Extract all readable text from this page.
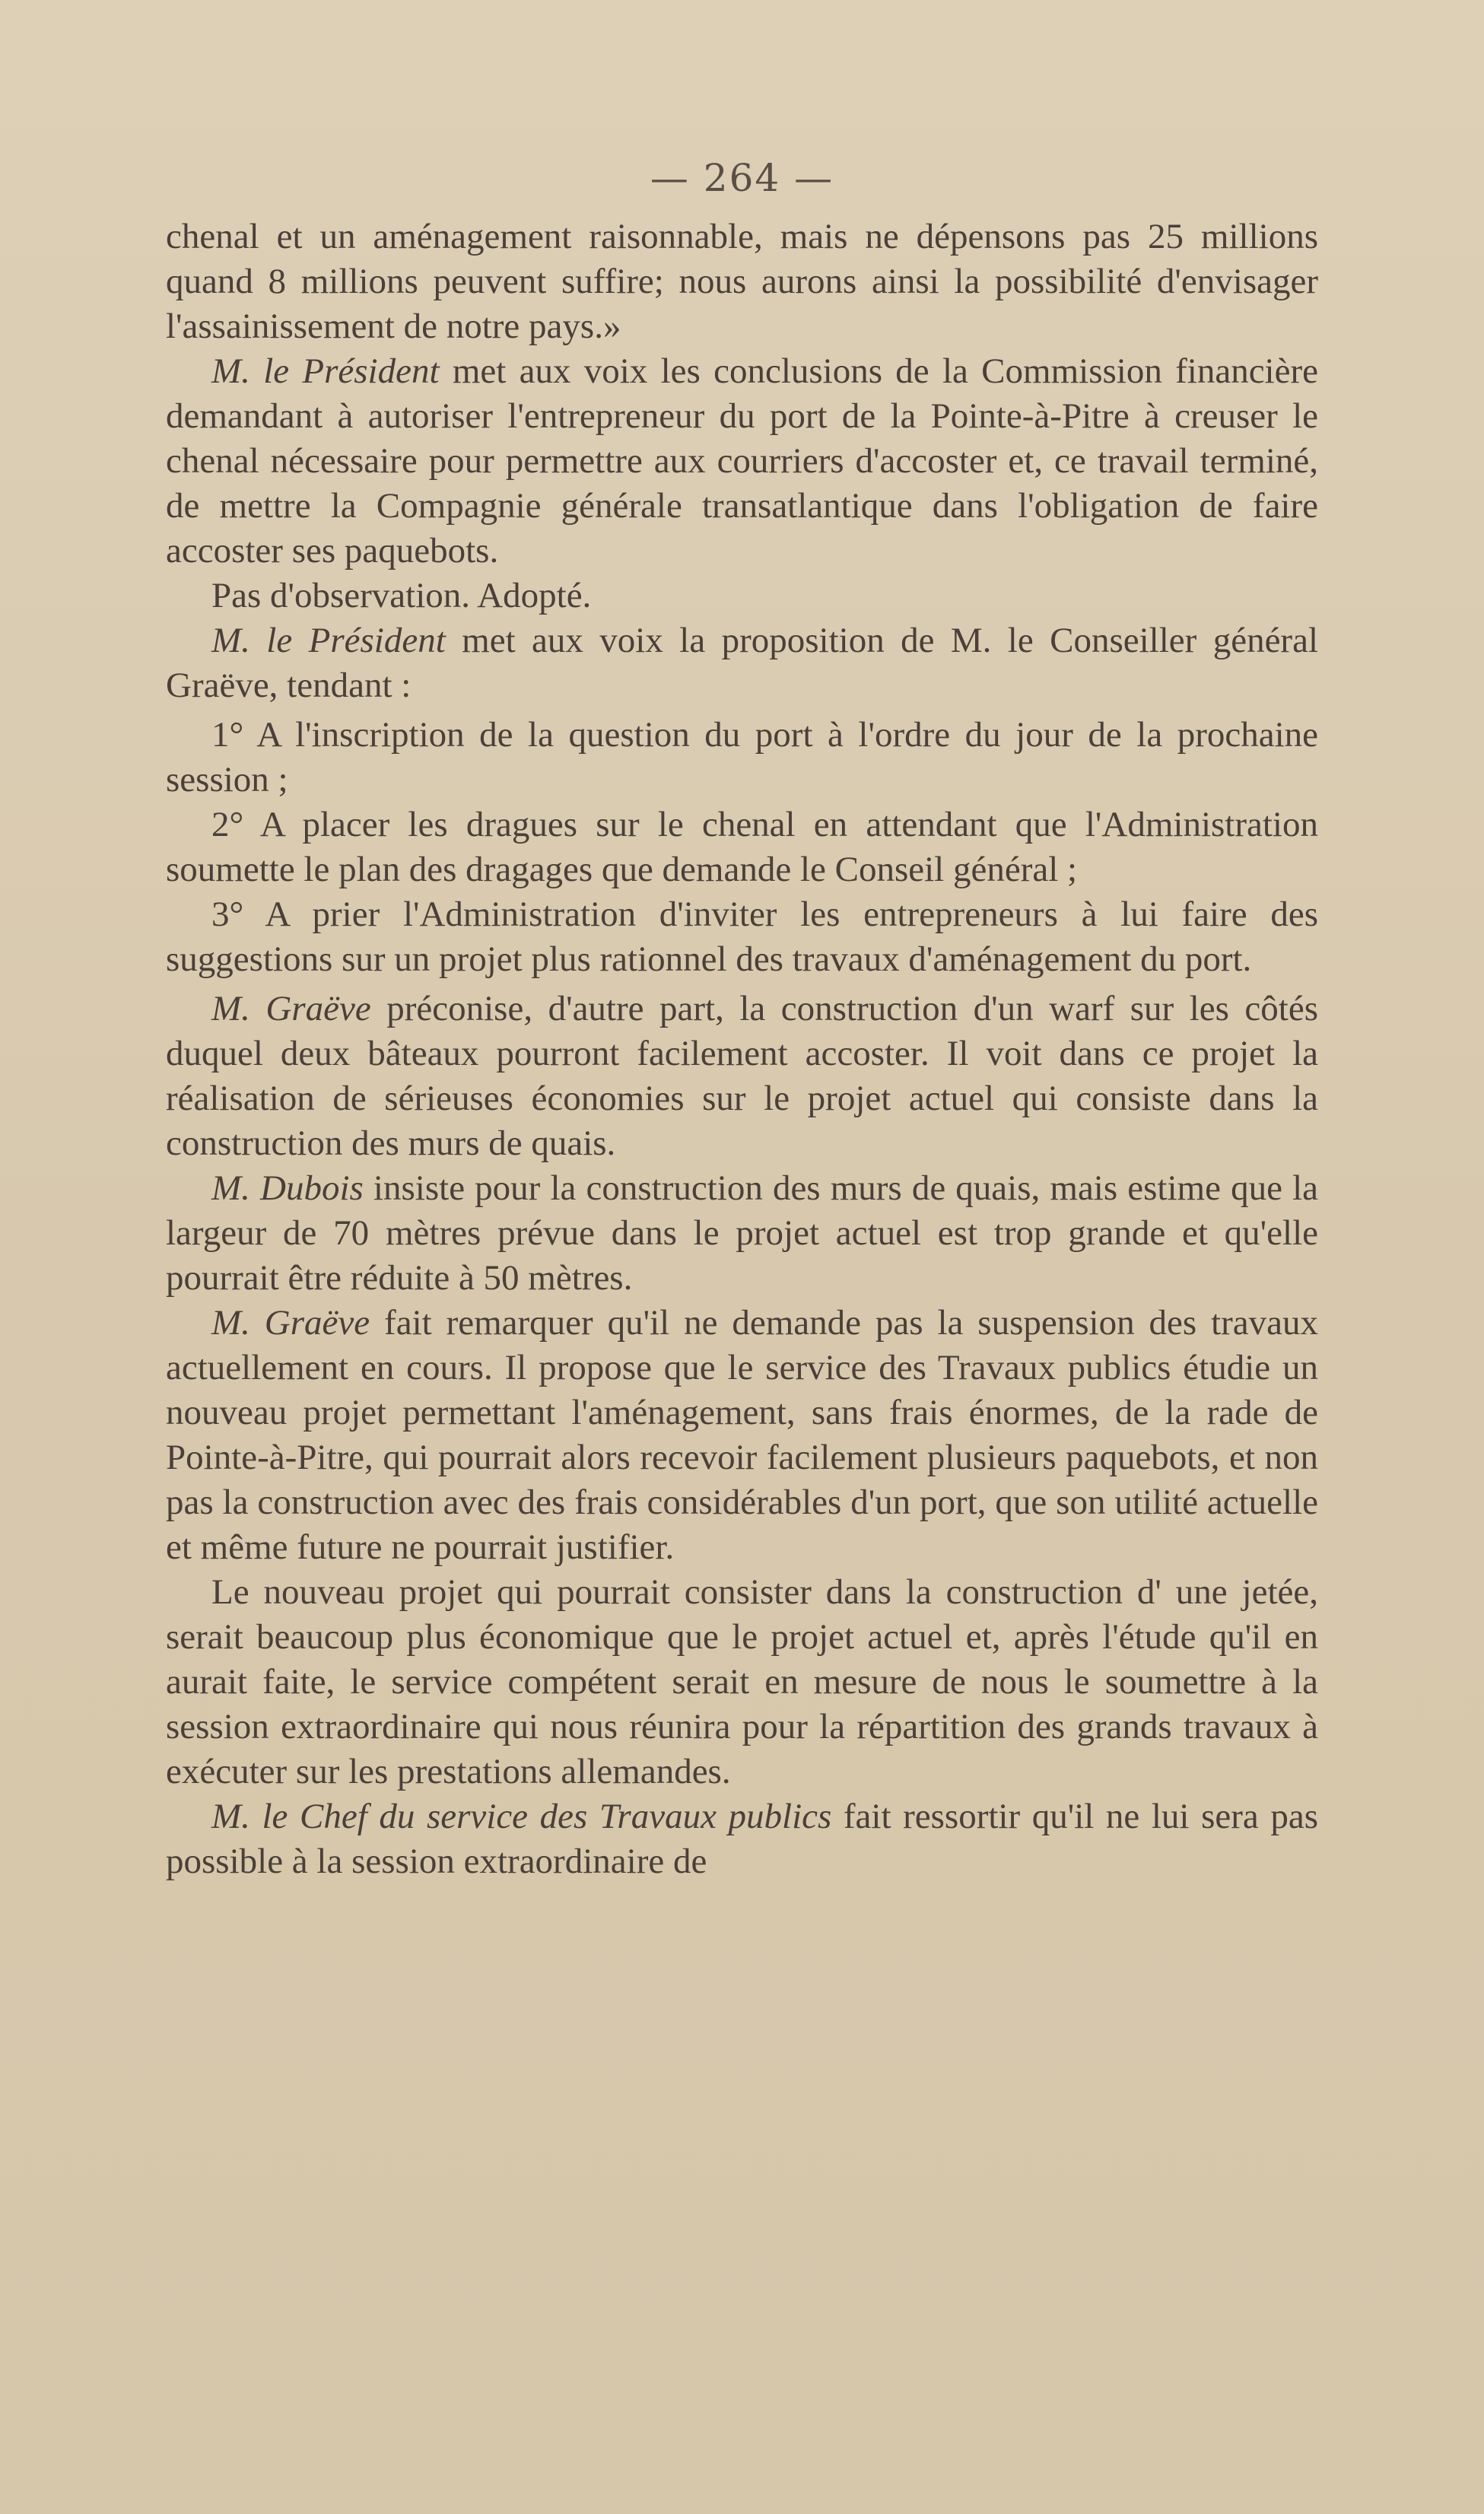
— 264 —

chenal et un aménagement raisonnable, mais ne dépensons pas 25 millions quand 8 millions peuvent suffire; nous aurons ainsi la possibilité d'envisager l'assainissement de notre pays.»

M. le Président met aux voix les conclusions de la Commission financière demandant à autoriser l'entrepreneur du port de la Pointe-à-Pitre à creuser le chenal nécessaire pour permettre aux courriers d'accoster et, ce travail terminé, de mettre la Compagnie générale transatlantique dans l'obligation de faire accoster ses paquebots.

Pas d'observation. Adopté.

M. le Président met aux voix la proposition de M. le Conseiller général Graëve, tendant :

1° A l'inscription de la question du port à l'ordre du jour de la prochaine session ;

2° A placer les dragues sur le chenal en attendant que l'Administration soumette le plan des dragages que demande le Conseil général ;

3° A prier l'Administration d'inviter les entrepreneurs à lui faire des suggestions sur un projet plus rationnel des travaux d'aménagement du port.

M. Graëve préconise, d'autre part, la construction d'un warf sur les côtés duquel deux bâteaux pourront facilement accoster. Il voit dans ce projet la réalisation de sérieuses économies sur le projet actuel qui consiste dans la construction des murs de quais.

M. Dubois insiste pour la construction des murs de quais, mais estime que la largeur de 70 mètres prévue dans le projet actuel est trop grande et qu'elle pourrait être réduite à 50 mètres.

M. Graëve fait remarquer qu'il ne demande pas la suspension des travaux actuellement en cours. Il propose que le service des Travaux publics étudie un nouveau projet permettant l'aménagement, sans frais énormes, de la rade de Pointe-à-Pitre, qui pourrait alors recevoir facilement plusieurs paquebots, et non pas la construction avec des frais considérables d'un port, que son utilité actuelle et même future ne pourrait justifier.

Le nouveau projet qui pourrait consister dans la construction d' une jetée, serait beaucoup plus économique que le projet actuel et, après l'étude qu'il en aurait faite, le service compétent serait en mesure de nous le soumettre à la session extraordinaire qui nous réunira pour la répartition des grands travaux à exécuter sur les prestations allemandes.

M. le Chef du service des Travaux publics fait ressortir qu'il ne lui sera pas possible à la session extraordinaire de
